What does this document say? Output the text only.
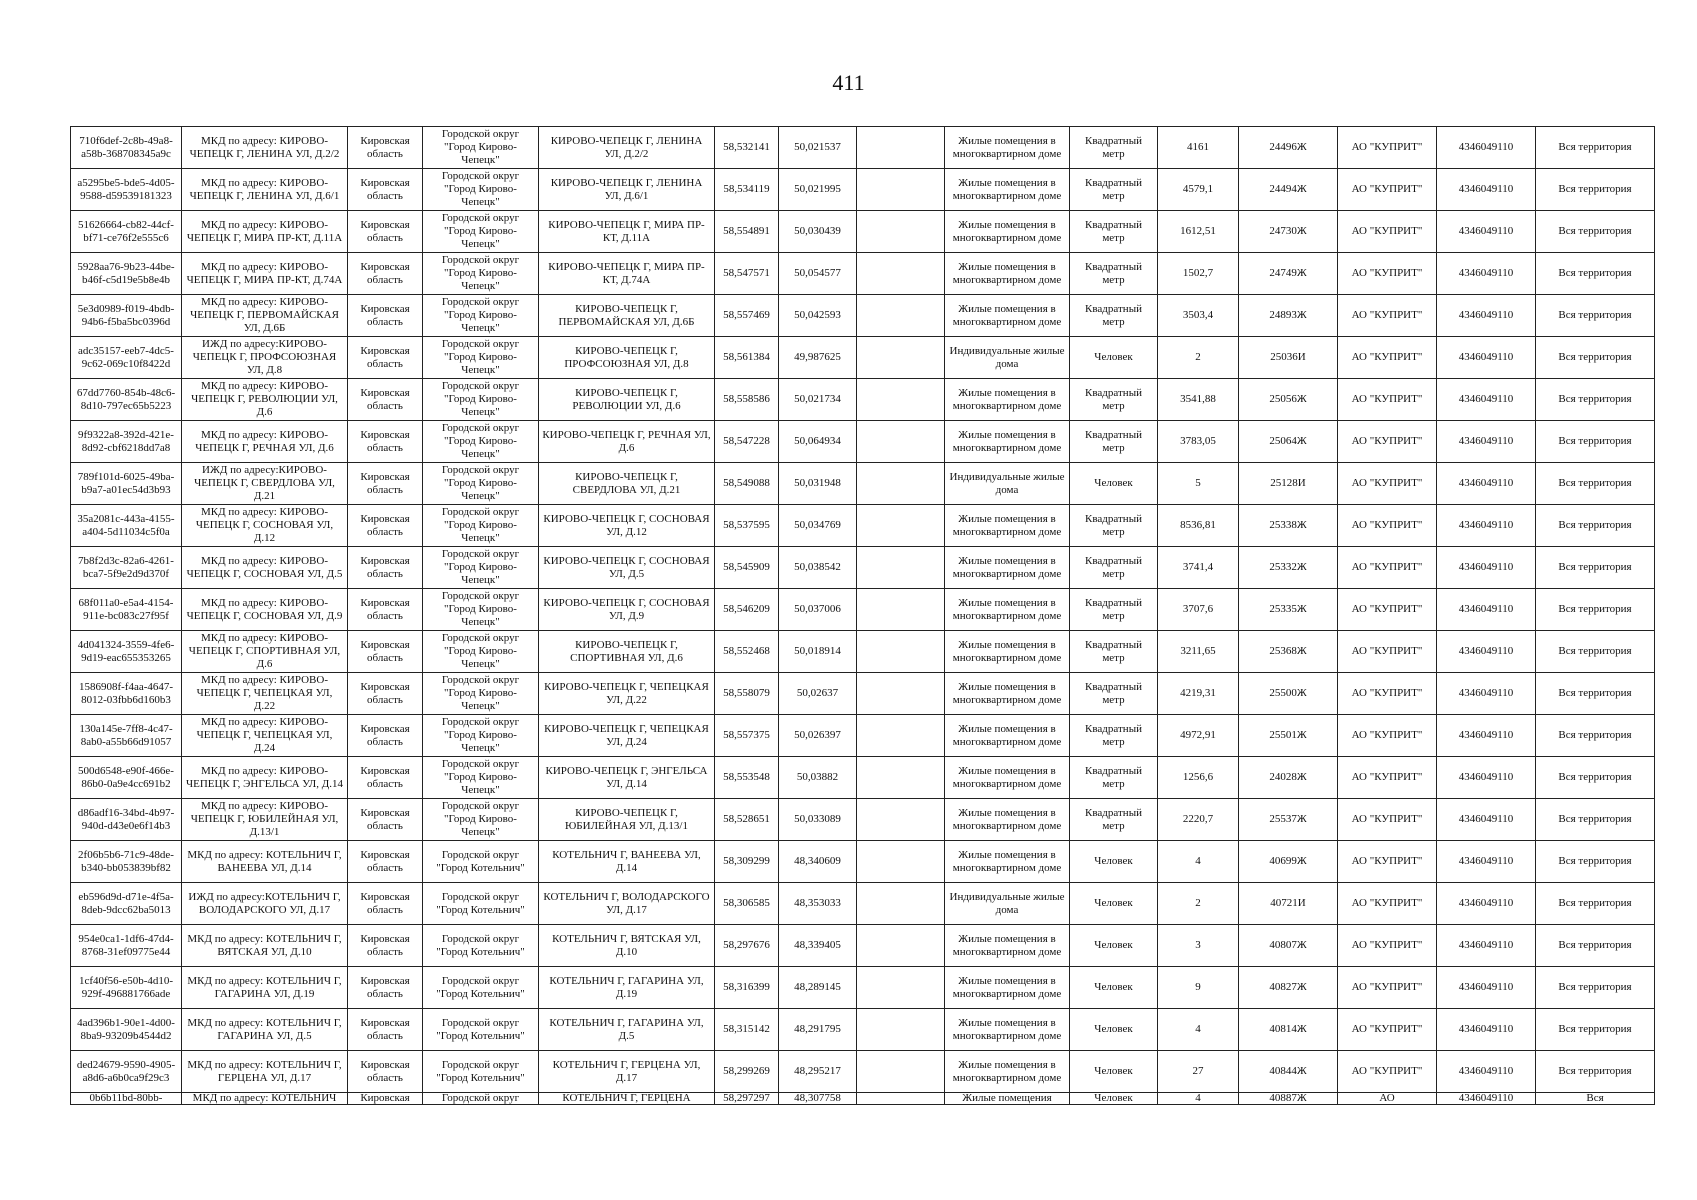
411
710f6def-2c8b-49a8-a58b-368708345a9c	МКД по адресу: КИРОВО-ЧЕПЕЦК Г, ЛЕНИНА УЛ, Д.2/2	Кировская область	Городской округ "Город Кирово-Чепецк"	КИРОВО-ЧЕПЕЦК Г, ЛЕНИНА УЛ, Д.2/2	58,532141	50,021537		Жилые помещения в многоквартирном доме	Квадратный метр	4161	24496Ж	АО "КУПРИТ"	4346049110	Вся территория
a5295be5-bde5-4d05-9588-d59539181323	МКД по адресу: КИРОВО-ЧЕПЕЦК Г, ЛЕНИНА УЛ, Д.6/1	Кировская область	Городской округ "Город Кирово-Чепецк"	КИРОВО-ЧЕПЕЦК Г, ЛЕНИНА УЛ, Д.6/1	58,534119	50,021995		Жилые помещения в многоквартирном доме	Квадратный метр	4579,1	24494Ж	АО "КУПРИТ"	4346049110	Вся территория
51626664-cb82-44cf-bf71-ce76f2e555c6	МКД по адресу: КИРОВО-ЧЕПЕЦК Г, МИРА ПР-КТ, Д.11А	Кировская область	Городской округ "Город Кирово-Чепецк"	КИРОВО-ЧЕПЕЦК Г, МИРА ПР-КТ, Д.11А	58,554891	50,030439		Жилые помещения в многоквартирном доме	Квадратный метр	1612,51	24730Ж	АО "КУПРИТ"	4346049110	Вся территория
5928aa76-9b23-44be-b46f-c5d19e5b8e4b	МКД по адресу: КИРОВО-ЧЕПЕЦК Г, МИРА ПР-КТ, Д.74А	Кировская область	Городской округ "Город Кирово-Чепецк"	КИРОВО-ЧЕПЕЦК Г, МИРА ПР-КТ, Д.74А	58,547571	50,054577		Жилые помещения в многоквартирном доме	Квадратный метр	1502,7	24749Ж	АО "КУПРИТ"	4346049110	Вся территория
5e3d0989-f019-4bdb-94b6-f5ba5bc0396d	МКД по адресу: КИРОВО-ЧЕПЕЦК Г, ПЕРВОМАЙСКАЯ УЛ, Д.6Б	Кировская область	Городской округ "Город Кирово-Чепецк"	КИРОВО-ЧЕПЕЦК Г, ПЕРВОМАЙСКАЯ УЛ, Д.6Б	58,557469	50,042593		Жилые помещения в многоквартирном доме	Квадратный метр	3503,4	24893Ж	АО "КУПРИТ"	4346049110	Вся территория
adc35157-eeb7-4dc5-9c62-069c10f8422d	ИЖД по адресу:КИРОВО-ЧЕПЕЦК Г, ПРОФСОЮЗНАЯ УЛ, Д.8	Кировская область	Городской округ "Город Кирово-Чепецк"	КИРОВО-ЧЕПЕЦК Г, ПРОФСОЮЗНАЯ УЛ, Д.8	58,561384	49,987625		Индивидуальные жилые дома	Человек	2	25036И	АО "КУПРИТ"	4346049110	Вся территория
67dd7760-854b-48c6-8d10-797ec65b5223	МКД по адресу: КИРОВО-ЧЕПЕЦК Г, РЕВОЛЮЦИИ УЛ, Д.6	Кировская область	Городской округ "Город Кирово-Чепецк"	КИРОВО-ЧЕПЕЦК Г, РЕВОЛЮЦИИ УЛ, Д.6	58,558586	50,021734		Жилые помещения в многоквартирном доме	Квадратный метр	3541,88	25056Ж	АО "КУПРИТ"	4346049110	Вся территория
9f9322a8-392d-421e-8d92-cbf6218dd7a8	МКД по адресу: КИРОВО-ЧЕПЕЦК Г, РЕЧНАЯ УЛ, Д.6	Кировская область	Городской округ "Город Кирово-Чепецк"	КИРОВО-ЧЕПЕЦК Г, РЕЧНАЯ УЛ, Д.6	58,547228	50,064934		Жилые помещения в многоквартирном доме	Квадратный метр	3783,05	25064Ж	АО "КУПРИТ"	4346049110	Вся территория
789f101d-6025-49ba-b9a7-a01ec54d3b93	ИЖД по адресу:КИРОВО-ЧЕПЕЦК Г, СВЕРДЛОВА УЛ, Д.21	Кировская область	Городской округ "Город Кирово-Чепецк"	КИРОВО-ЧЕПЕЦК Г, СВЕРДЛОВА УЛ, Д.21	58,549088	50,031948		Индивидуальные жилые дома	Человек	5	25128И	АО "КУПРИТ"	4346049110	Вся территория
35a2081c-443a-4155-a404-5d11034c5f0a	МКД по адресу: КИРОВО-ЧЕПЕЦК Г, СОСНОВАЯ УЛ, Д.12	Кировская область	Городской округ "Город Кирово-Чепецк"	КИРОВО-ЧЕПЕЦК Г, СОСНОВАЯ УЛ, Д.12	58,537595	50,034769		Жилые помещения в многоквартирном доме	Квадратный метр	8536,81	25338Ж	АО "КУПРИТ"	4346049110	Вся территория
7b8f2d3c-82a6-4261-bca7-5f9e2d9d370f	МКД по адресу: КИРОВО-ЧЕПЕЦК Г, СОСНОВАЯ УЛ, Д.5	Кировская область	Городской округ "Город Кирово-Чепецк"	КИРОВО-ЧЕПЕЦК Г, СОСНОВАЯ УЛ, Д.5	58,545909	50,038542		Жилые помещения в многоквартирном доме	Квадратный метр	3741,4	25332Ж	АО "КУПРИТ"	4346049110	Вся территория
68f011a0-e5a4-4154-911e-bc083c27f95f	МКД по адресу: КИРОВО-ЧЕПЕЦК Г, СОСНОВАЯ УЛ, Д.9	Кировская область	Городской округ "Город Кирово-Чепецк"	КИРОВО-ЧЕПЕЦК Г, СОСНОВАЯ УЛ, Д.9	58,546209	50,037006		Жилые помещения в многоквартирном доме	Квадратный метр	3707,6	25335Ж	АО "КУПРИТ"	4346049110	Вся территория
4d041324-3559-4fe6-9d19-eac655353265	МКД по адресу: КИРОВО-ЧЕПЕЦК Г, СПОРТИВНАЯ УЛ, Д.6	Кировская область	Городской округ "Город Кирово-Чепецк"	КИРОВО-ЧЕПЕЦК Г, СПОРТИВНАЯ УЛ, Д.6	58,552468	50,018914		Жилые помещения в многоквартирном доме	Квадратный метр	3211,65	25368Ж	АО "КУПРИТ"	4346049110	Вся территория
1586908f-f4aa-4647-8012-03fbb6d160b3	МКД по адресу: КИРОВО-ЧЕПЕЦК Г, ЧЕПЕЦКАЯ УЛ, Д.22	Кировская область	Городской округ "Город Кирово-Чепецк"	КИРОВО-ЧЕПЕЦК Г, ЧЕПЕЦКАЯ УЛ, Д.22	58,558079	50,02637		Жилые помещения в многоквартирном доме	Квадратный метр	4219,31	25500Ж	АО "КУПРИТ"	4346049110	Вся территория
130a145e-7ff8-4c47-8ab0-a55b66d91057	МКД по адресу: КИРОВО-ЧЕПЕЦК Г, ЧЕПЕЦКАЯ УЛ, Д.24	Кировская область	Городской округ "Город Кирово-Чепецк"	КИРОВО-ЧЕПЕЦК Г, ЧЕПЕЦКАЯ УЛ, Д.24	58,557375	50,026397		Жилые помещения в многоквартирном доме	Квадратный метр	4972,91	25501Ж	АО "КУПРИТ"	4346049110	Вся территория
500d6548-e90f-466e-86b0-0a9e4cc691b2	МКД по адресу: КИРОВО-ЧЕПЕЦК Г, ЭНГЕЛЬСА УЛ, Д.14	Кировская область	Городской округ "Город Кирово-Чепецк"	КИРОВО-ЧЕПЕЦК Г, ЭНГЕЛЬСА УЛ, Д.14	58,553548	50,03882		Жилые помещения в многоквартирном доме	Квадратный метр	1256,6	24028Ж	АО "КУПРИТ"	4346049110	Вся территория
d86adf16-34bd-4b97-940d-d43e0e6f14b3	МКД по адресу: КИРОВО-ЧЕПЕЦК Г, ЮБИЛЕЙНАЯ УЛ, Д.13/1	Кировская область	Городской округ "Город Кирово-Чепецк"	КИРОВО-ЧЕПЕЦК Г, ЮБИЛЕЙНАЯ УЛ, Д.13/1	58,528651	50,033089		Жилые помещения в многоквартирном доме	Квадратный метр	2220,7	25537Ж	АО "КУПРИТ"	4346049110	Вся территория
2f06b5b6-71c9-48de-b340-bb053839bf82	МКД по адресу: КОТЕЛЬНИЧ Г, ВАНЕЕВА УЛ, Д.14	Кировская область	Городской округ "Город Котельнич"	КОТЕЛЬНИЧ Г, ВАНЕЕВА УЛ, Д.14	58,309299	48,340609		Жилые помещения в многоквартирном доме	Человек	4	40699Ж	АО "КУПРИТ"	4346049110	Вся территория
eb596d9d-d71e-4f5a-8deb-9dcc62ba5013	ИЖД по адресу:КОТЕЛЬНИЧ Г, ВОЛОДАРСКОГО УЛ, Д.17	Кировская область	Городской округ "Город Котельнич"	КОТЕЛЬНИЧ Г, ВОЛОДАРСКОГО УЛ, Д.17	58,306585	48,353033		Индивидуальные жилые дома	Человек	2	40721И	АО "КУПРИТ"	4346049110	Вся территория
954e0ca1-1df6-47d4-8768-31ef09775e44	МКД по адресу: КОТЕЛЬНИЧ Г, ВЯТСКАЯ УЛ, Д.10	Кировская область	Городской округ "Город Котельнич"	КОТЕЛЬНИЧ Г, ВЯТСКАЯ УЛ, Д.10	58,297676	48,339405		Жилые помещения в многоквартирном доме	Человек	3	40807Ж	АО "КУПРИТ"	4346049110	Вся территория
1cf40f56-e50b-4d10-929f-496881766ade	МКД по адресу: КОТЕЛЬНИЧ Г, ГАГАРИНА УЛ, Д.19	Кировская область	Городской округ "Город Котельнич"	КОТЕЛЬНИЧ Г, ГАГАРИНА УЛ, Д.19	58,316399	48,289145		Жилые помещения в многоквартирном доме	Человек	9	40827Ж	АО "КУПРИТ"	4346049110	Вся территория
4ad396b1-90e1-4d00-8ba9-93209b4544d2	МКД по адресу: КОТЕЛЬНИЧ Г, ГАГАРИНА УЛ, Д.5	Кировская область	Городской округ "Город Котельнич"	КОТЕЛЬНИЧ Г, ГАГАРИНА УЛ, Д.5	58,315142	48,291795		Жилые помещения в многоквартирном доме	Человек	4	40814Ж	АО "КУПРИТ"	4346049110	Вся территория
ded24679-9590-4905-a8d6-a6b0ca9f29c3	МКД по адресу: КОТЕЛЬНИЧ Г, ГЕРЦЕНА УЛ, Д.17	Кировская область	Городской округ "Город Котельнич"	КОТЕЛЬНИЧ Г, ГЕРЦЕНА УЛ, Д.17	58,299269	48,295217		Жилые помещения в многоквартирном доме	Человек	27	40844Ж	АО "КУПРИТ"	4346049110	Вся территория
0b6b11bd-80bb-	МКД по адресу: КОТЕЛЬНИЧ	Кировская	Городской округ	КОТЕЛЬНИЧ Г, ГЕРЦЕНА	58,297297	48,307758		Жилые помещения	Человек	4	40887Ж	АО	4346049110	Вся
